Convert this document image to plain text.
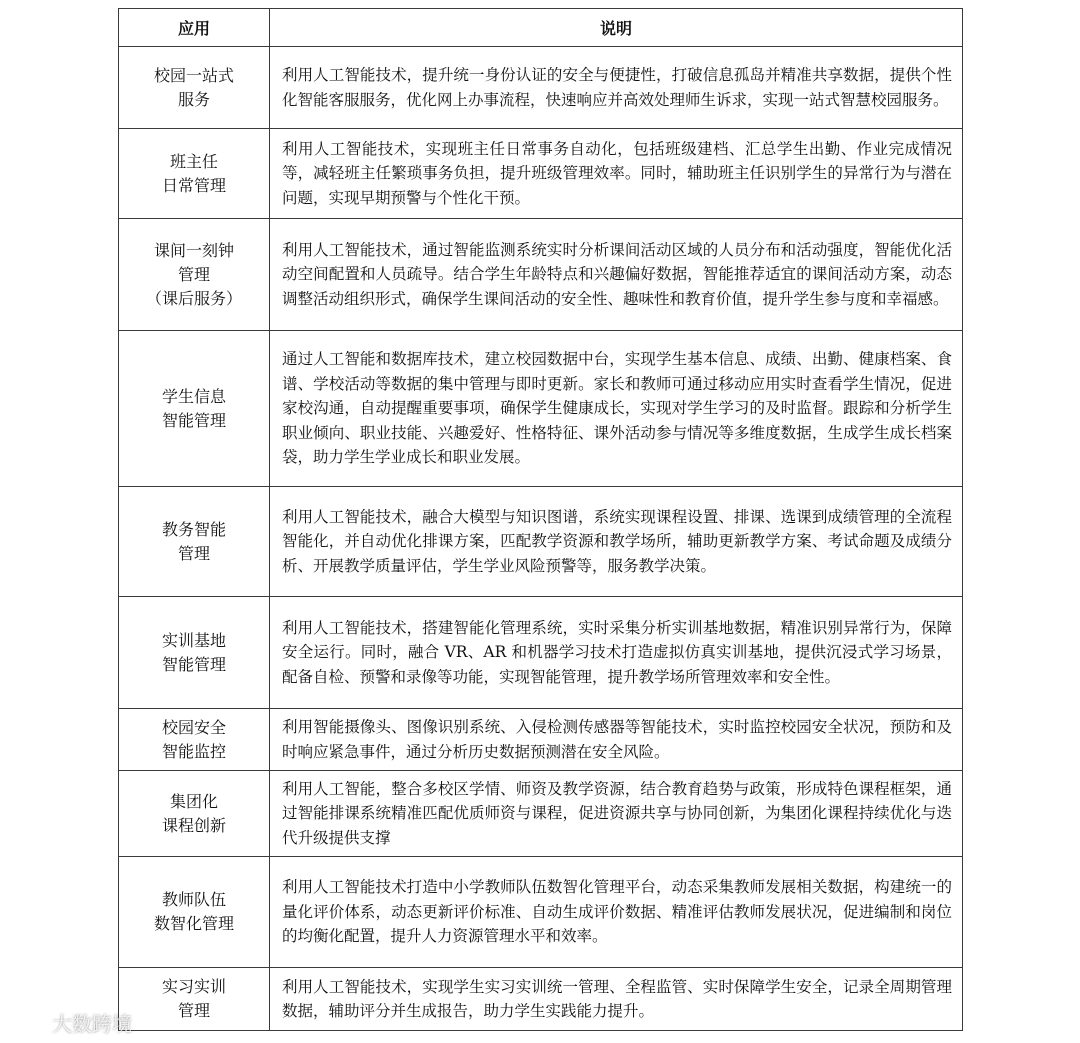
应用	说明
校园一站式
服务	利用人工智能技术，提升统一身份认证的安全与便捷性，打破信息孤岛并精准共享数据，提供个性化智能客服服务，优化网上办事流程，快速响应并高效处理师生诉求，实现一站式智慧校园服务。
班主任
日常管理	利用人工智能技术，实现班主任日常事务自动化，包括班级建档、汇总学生出勤、作业完成情况等，减轻班主任繁琐事务负担，提升班级管理效率。同时，辅助班主任识别学生的异常行为与潜在问题，实现早期预警与个性化干预。
课间一刻钟
管理
（课后服务）	利用人工智能技术，通过智能监测系统实时分析课间活动区域的人员分布和活动强度，智能优化活动空间配置和人员疏导。结合学生年龄特点和兴趣偏好数据，智能推荐适宜的课间活动方案，动态调整活动组织形式，确保学生课间活动的安全性、趣味性和教育价值，提升学生参与度和幸福感。
学生信息
智能管理	通过人工智能和数据库技术，建立校园数据中台，实现学生基本信息、成绩、出勤、健康档案、食谱、学校活动等数据的集中管理与即时更新。家长和教师可通过移动应用实时查看学生情况，促进家校沟通，自动提醒重要事项，确保学生健康成长，实现对学生学习的及时监督。跟踪和分析学生职业倾向、职业技能、兴趣爱好、性格特征、课外活动参与情况等多维度数据，生成学生成长档案袋，助力学生学业成长和职业发展。
教务智能
管理	利用人工智能技术，融合大模型与知识图谱，系统实现课程设置、排课、选课到成绩管理的全流程智能化，并自动优化排课方案，匹配教学资源和教学场所，辅助更新教学方案、考试命题及成绩分析、开展教学质量评估，学生学业风险预警等，服务教学决策。
实训基地
智能管理	利用人工智能技术，搭建智能化管理系统，实时采集分析实训基地数据，精准识别异常行为，保障安全运行。同时，融合 VR、AR 和机器学习技术打造虚拟仿真实训基地，提供沉浸式学习场景，配备自检、预警和录像等功能，实现智能管理，提升教学场所管理效率和安全性。
校园安全
智能监控	利用智能摄像头、图像识别系统、入侵检测传感器等智能技术，实时监控校园安全状况，预防和及时响应紧急事件，通过分析历史数据预测潜在安全风险。
集团化
课程创新	利用人工智能，整合多校区学情、师资及教学资源，结合教育趋势与政策，形成特色课程框架，通过智能排课系统精准匹配优质师资与课程，促进资源共享与协同创新，为集团化课程持续优化与迭代升级提供支撑
教师队伍
数智化管理	利用人工智能技术打造中小学教师队伍数智化管理平台，动态采集教师发展相关数据，构建统一的量化评价体系，动态更新评价标准、自动生成评价数据、精准评估教师发展状况，促进编制和岗位的均衡化配置，提升人力资源管理水平和效率。
实习实训
管理	利用人工智能技术，实现学生实习实训统一管理、全程监管、实时保障学生安全，记录全周期管理数据，辅助评分并生成报告，助力学生实践能力提升。
大数跨境
